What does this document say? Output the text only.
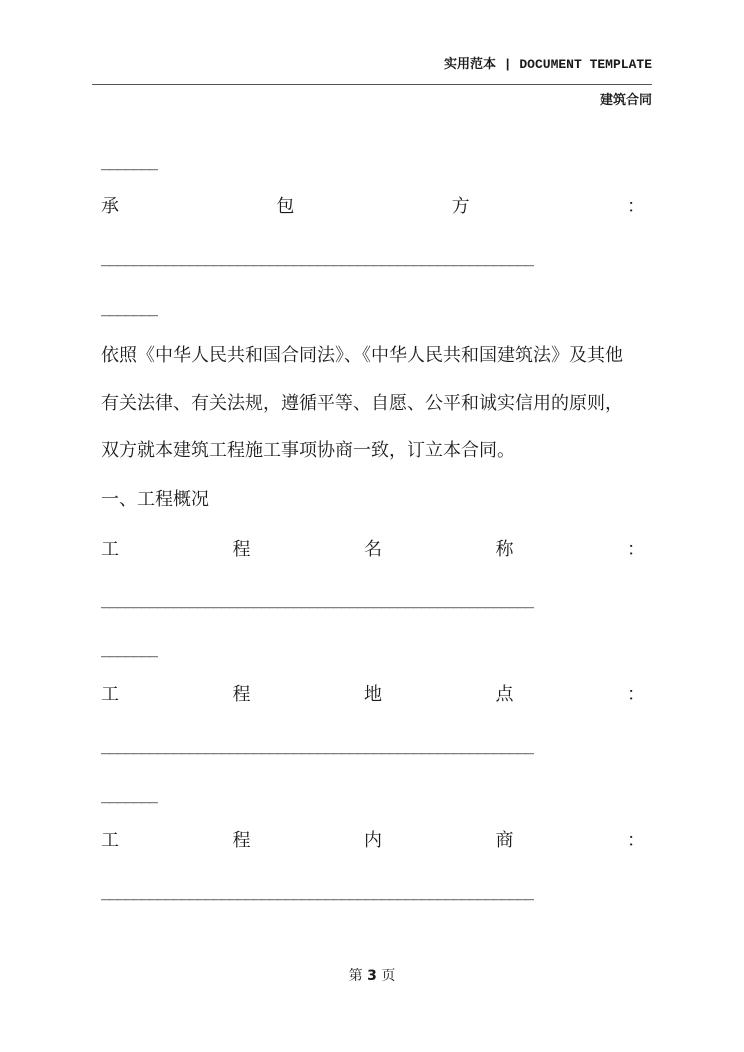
实用范本 | DOCUMENT TEMPLATE
建筑合同
_______
承	包	方	：
______________________________________________________
_______
依照《中华人民共和国合同法》、《中华人民共和国建筑法》及其他
有关法律、有关法规，遵循平等、自愿、公平和诚实信用的原则，
双方就本建筑工程施工事项协商一致，订立本合同。
一、工程概况
工	程	名	称	：
______________________________________________________
_______
工	程	地	点	：
______________________________________________________
_______
工	程	内	商	：
______________________________________________________
第 3 页
